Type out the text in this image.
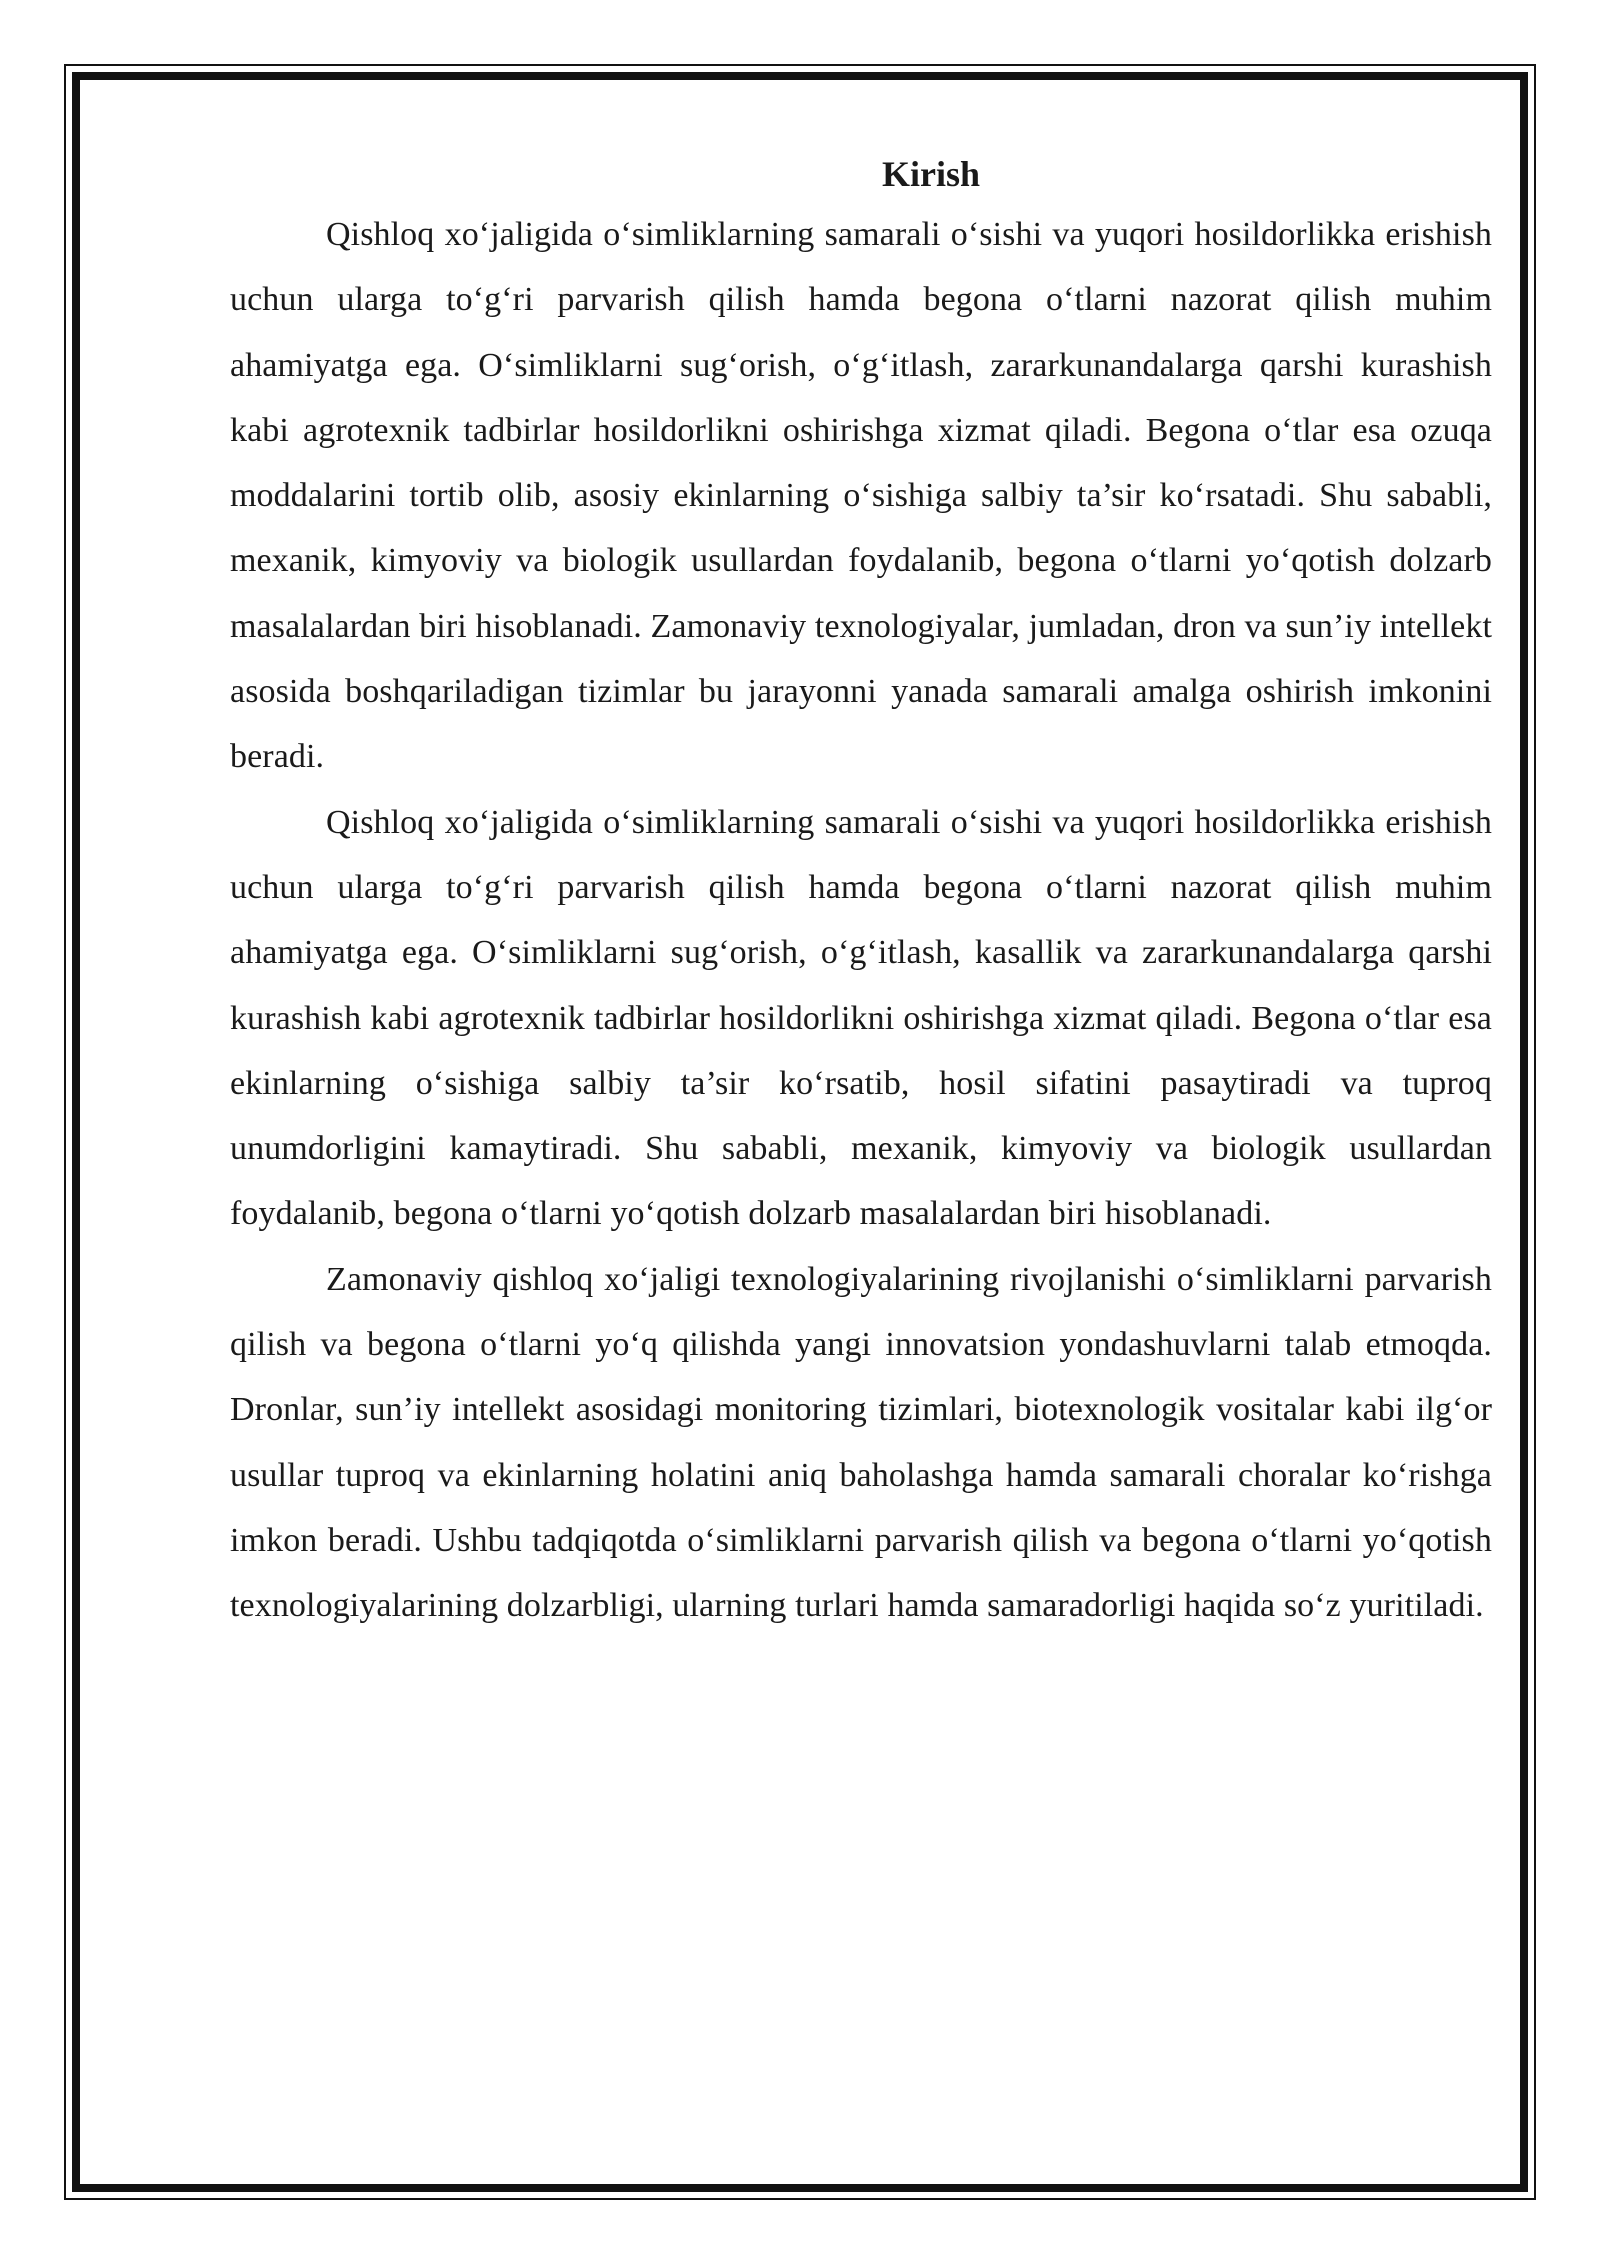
Kirish

Qishloq xo‘jaligida o‘simliklarning samarali o‘sishi va yuqori hosildorlikka erishish uchun ularga to‘g‘ri parvarish qilish hamda begona o‘tlarni nazorat qilish muhim ahamiyatga ega. O‘simliklarni sug‘orish, o‘g‘itlash, zararkunandalarga qarshi kurashish kabi agrotexnik tadbirlar hosildorlikni oshirishga xizmat qiladi. Begona o‘tlar esa ozuqa moddalarini tortib olib, asosiy ekinlarning o‘sishiga salbiy ta’sir ko‘rsatadi. Shu sababli, mexanik, kimyoviy va biologik usullardan foydalanib, begona o‘tlarni yo‘qotish dolzarb masalalardan biri hisoblanadi. Zamonaviy texnologiyalar, jumladan, dron va sun’iy intellekt asosida boshqariladigan tizimlar bu jarayonni yanada samarali amalga oshirish imkonini beradi.

Qishloq xo‘jaligida o‘simliklarning samarali o‘sishi va yuqori hosildorlikka erishish uchun ularga to‘g‘ri parvarish qilish hamda begona o‘tlarni nazorat qilish muhim ahamiyatga ega. O‘simliklarni sug‘orish, o‘g‘itlash, kasallik va zararkunandalarga qarshi kurashish kabi agrotexnik tadbirlar hosildorlikni oshirishga xizmat qiladi. Begona o‘tlar esa ekinlarning o‘sishiga salbiy ta’sir ko‘rsatib, hosil sifatini pasaytiradi va tuproq unumdorligini kamaytiradi. Shu sababli, mexanik, kimyoviy va biologik usullardan foydalanib, begona o‘tlarni yo‘qotish dolzarb masalalardan biri hisoblanadi.

Zamonaviy qishloq xo‘jaligi texnologiyalarining rivojlanishi o‘simliklarni parvarish qilish va begona o‘tlarni yo‘q qilishda yangi innovatsion yondashuvlarni talab etmoqda. Dronlar, sun’iy intellekt asosidagi monitoring tizimlari, biotexnologik vositalar kabi ilg‘or usullar tuproq va ekinlarning holatini aniq baholashga hamda samarali choralar ko‘rishga imkon beradi. Ushbu tadqiqotda o‘simliklarni parvarish qilish va begona o‘tlarni yo‘qotish texnologiyalarining dolzarbligi, ularning turlari hamda samaradorligi haqida so‘z yuritiladi.
